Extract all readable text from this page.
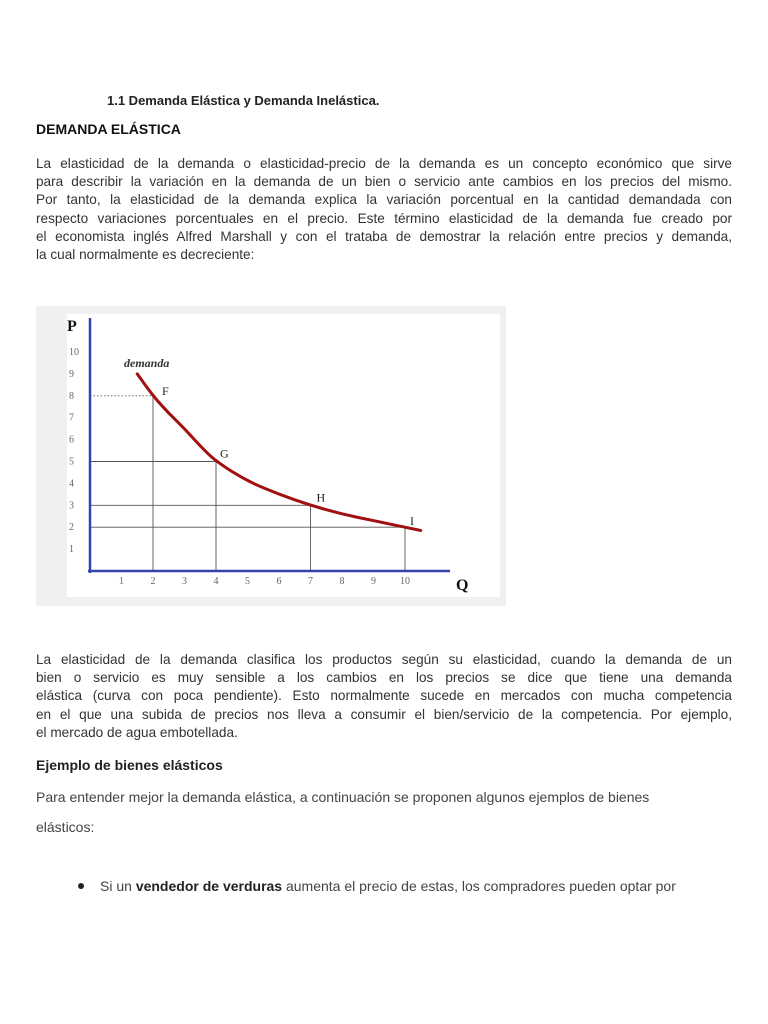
1.1 Demanda Elástica y Demanda Inelástica.
DEMANDA ELÁSTICA
La elasticidad de la demanda o elasticidad-precio de la demanda es un concepto económico que sirve
para describir la variación en la demanda de un bien o servicio ante cambios en los precios del mismo.
Por tanto, la elasticidad de la demanda explica la variación porcentual en la cantidad demandada con
respecto variaciones porcentuales en el precio. Este término elasticidad de la demanda fue creado por
el economista inglés Alfred Marshall y con el trataba de demostrar la relación entre precios y demanda,
la cual normalmente es decreciente:
P
Q
1
2
3
4
5
6
7
8
9
10
1	2	3	4	5	6	7	8	9 10
demanda
F
G
H
I
La elasticidad de la demanda clasifica los productos según su elasticidad, cuando la demanda de un
bien o servicio es muy sensible a los cambios en los precios se dice que tiene una demanda
elástica (curva con poca pendiente). Esto normalmente sucede en mercados con mucha competencia
en el que una subida de precios nos lleva a consumir el bien/servicio de la competencia. Por ejemplo,
el mercado de agua embotellada.
Ejemplo de bienes elásticos
Para entender mejor la demanda elástica, a continuación se proponen algunos ejemplos de bienes
elásticos:
Si un vendedor de verduras aumenta el precio de estas, los compradores pueden optar por
